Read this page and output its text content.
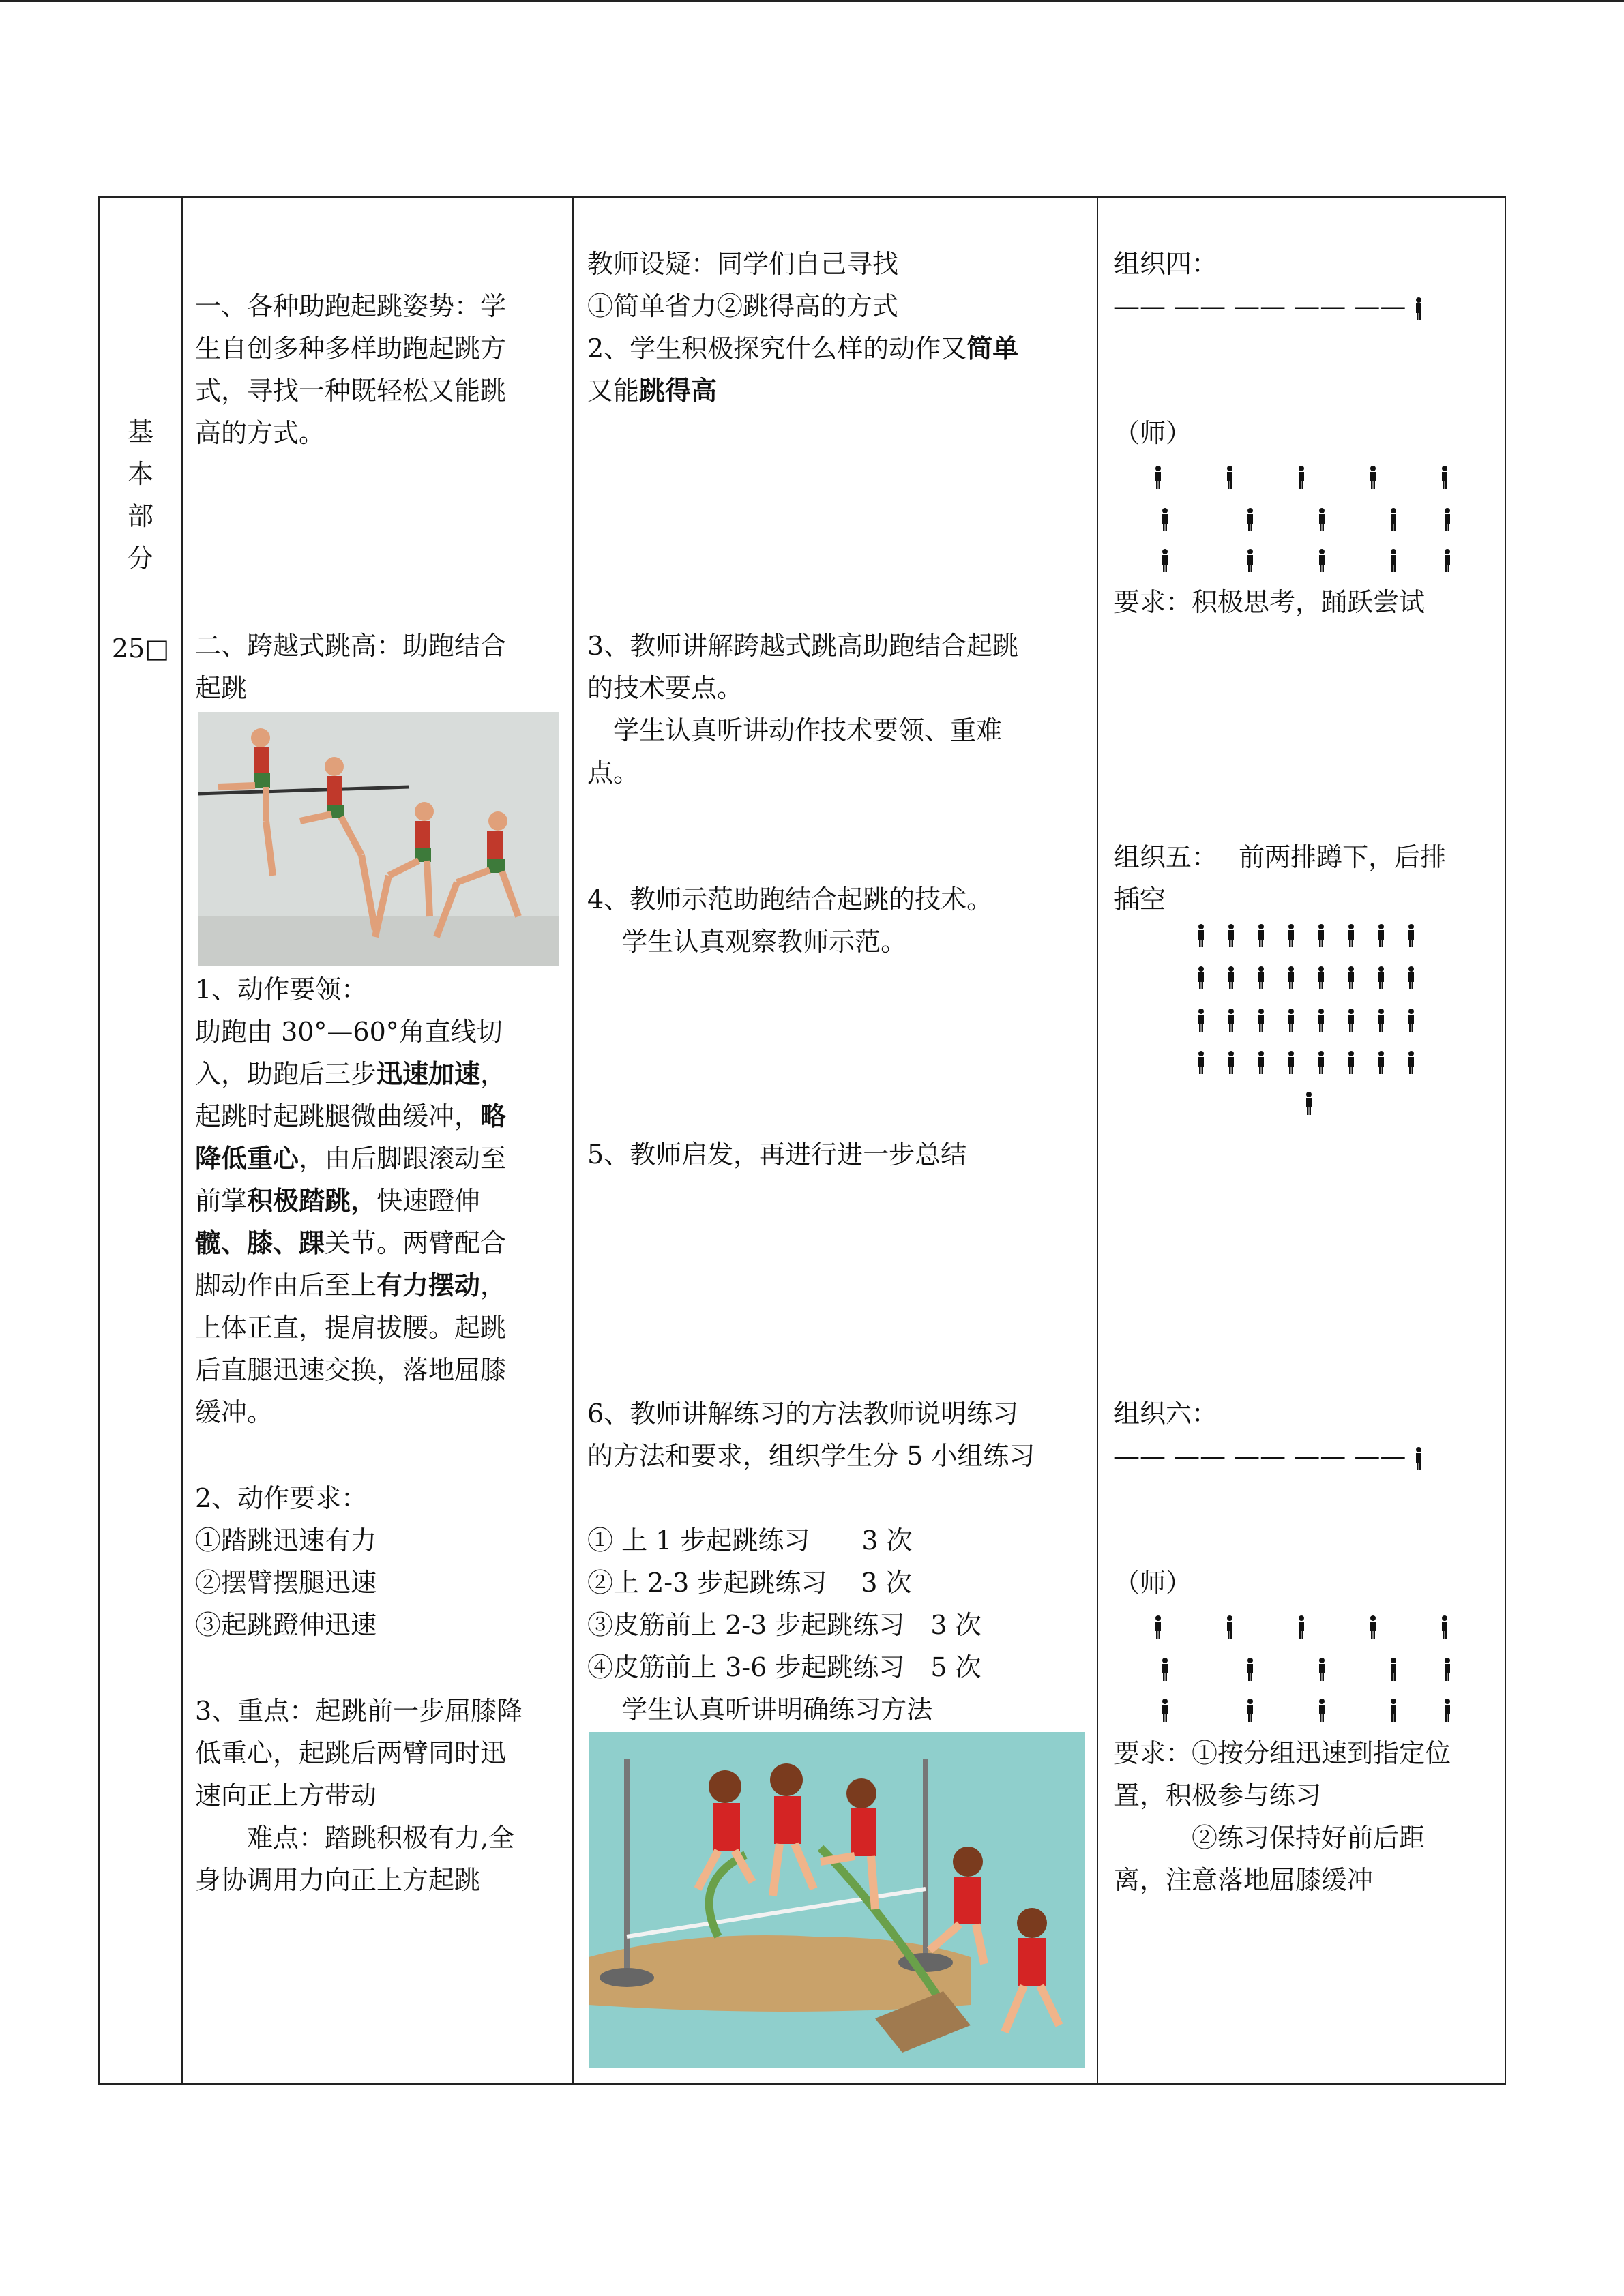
基
本
部
分
25□
一、各种助跑起跳姿势：学
生自创多种多样助跑起跳方
式，寻找一种既轻松又能跳
高的方式。
二、跨越式跳高：助跑结合
起跳
1、动作要领：
助跑由 30°—60°角直线切
入，助跑后三步迅速加速，
起跳时起跳腿微曲缓冲，略
降低重心，由后脚跟滚动至
前掌积极踏跳，快速蹬伸
髋、膝、踝关节。两臂配合
脚动作由后至上有力摆动，
上体正直，提肩拔腰。起跳
后直腿迅速交换，落地屈膝
缓冲。
2、动作要求：
①踏跳迅速有力
②摆臂摆腿迅速
③起跳蹬伸迅速
3、重点：起跳前一步屈膝降
低重心，起跳后两臂同时迅
速向正上方带动
　　难点：踏跳积极有力,全
身协调用力向正上方起跳
教师设疑：同学们自己寻找
①简单省力②跳得高的方式
2、学生积极探究什么样的动作又简单
又能跳得高
3、教师讲解跨越式跳高助跑结合起跳
的技术要点。
　学生认真听讲动作技术要领、重难
点。
4、教师示范助跑结合起跳的技术。
　 学生认真观察教师示范。
5、教师启发，再进行进一步总结
6、教师讲解练习的方法教师说明练习
的方法和要求，组织学生分 5 小组练习
① 上 1 步起跳练习　　3 次
②上 2-3 步起跳练习　 3 次
③皮筋前上 2-3 步起跳练习　3 次
④皮筋前上 3-6 步起跳练习　5 次
　 学生认真听讲明确练习方法
组织四：
—— —— —— —— ——
（师）
要求：积极思考，踊跃尝试
组织五：　 前两排蹲下，后排
插空
组织六：
—— —— —— —— ——
（师）
要求：①按分组迅速到指定位
置，积极参与练习
　　　②练习保持好前后距
离，注意落地屈膝缓冲
